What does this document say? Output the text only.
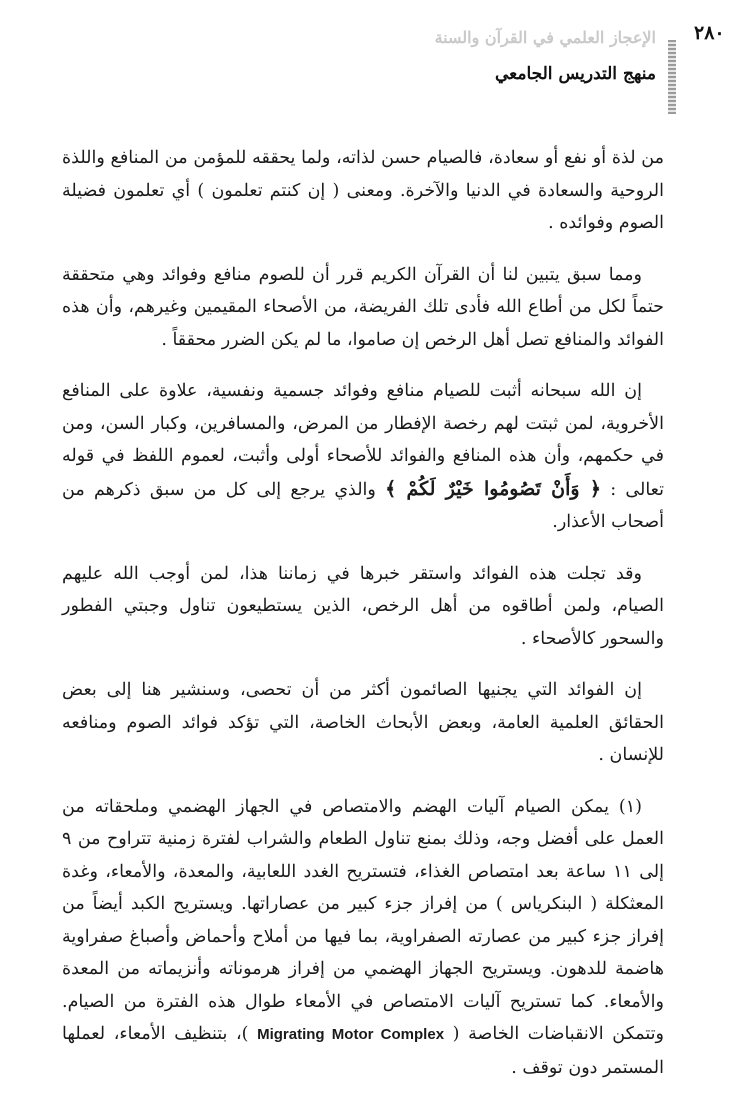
٢٨٠
الإعجاز العلمي في القرآن والسنة
منهج التدريس الجامعي

من لذة أو نفع أو سعادة، فالصيام حسن لذاته، ولما يحققه للمؤمن من المنافع واللذة الروحية والسعادة في الدنيا والآخرة. ومعنى ( إن كنتم تعلمون ) أي تعلمون فضيلة الصوم وفوائده .

ومما سبق يتبين لنا أن القرآن الكريم قرر أن للصوم منافع وفوائد وهي متحققة حتماً لكل من أطاع الله فأدى تلك الفريضة، من الأصحاء المقيمين وغيرهم، وأن هذه الفوائد والمنافع تصل أهل الرخص إن صاموا، ما لم يكن الضرر محققاً .

إن الله سبحانه أثبت للصيام منافع وفوائد جسمية ونفسية، علاوة على المنافع الأخروية، لمن ثبتت لهم رخصة الإفطار من المرض، والمسافرين، وكبار السن، ومن في حكمهم، وأن هذه المنافع والفوائد للأصحاء أولى وأثبت، لعموم اللفظ في قوله تعالى : ﴿ وَأَنْ تَصُومُوا خَيْرٌ لَكُمْ ﴾ والذي يرجع إلى كل من سبق ذكرهم من أصحاب الأعذار.

وقد تجلت هذه الفوائد واستقر خبرها في زماننا هذا، لمن أوجب الله عليهم الصيام، ولمن أطاقوه من أهل الرخص، الذين يستطيعون تناول وجبتي الفطور والسحور كالأصحاء .

إن الفوائد التي يجنيها الصائمون أكثر من أن تحصى، وسنشير هنا إلى بعض الحقائق العلمية العامة، وبعض الأبحاث الخاصة، التي تؤكد فوائد الصوم ومنافعه للإنسان .

(١) يمكن الصيام آليات الهضم والامتصاص في الجهاز الهضمي وملحقاته من العمل على أفضل وجه، وذلك بمنع تناول الطعام والشراب لفترة زمنية تتراوح من ٩ إلى ١١ ساعة بعد امتصاص الغذاء، فتستريح الغدد اللعابية، والمعدة، والأمعاء، وغدة المعثكلة ( البنكرياس ) من إفراز جزء كبير من عصاراتها. ويستريح الكبد أيضاً من إفراز جزء كبير من عصارته الصفراوية، بما فيها من أملاح وأحماض وأصباغ صفراوية هاضمة للدهون. ويستريح الجهاز الهضمي من إفراز هرموناته وأنزيماته من المعدة والأمعاء. كما تستريح آليات الامتصاص في الأمعاء طوال هذه الفترة من الصيام. وتتمكن الانقباضات الخاصة ( Migrating Motor Complex )، بتنظيف الأمعاء، لعملها المستمر دون توقف .
